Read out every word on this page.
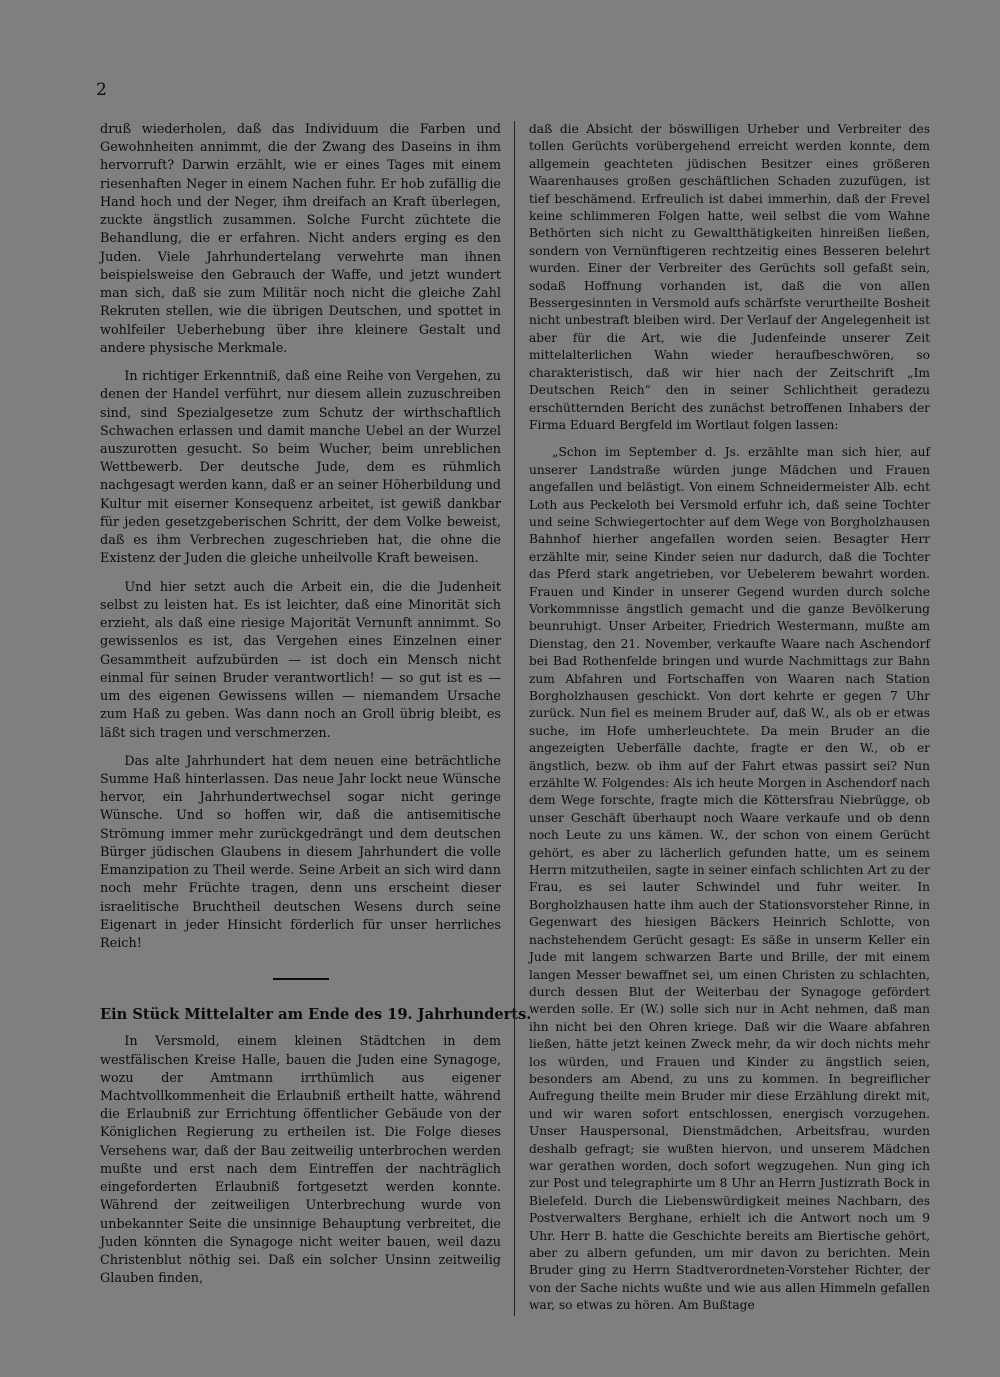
2

druß wiederholen, daß das Individuum die Farben und Gewohnheiten annimmt, die der Zwang des Daseins in ihm hervorruft? Darwin erzählt, wie er eines Tages mit einem riesenhaften Neger in einem Nachen fuhr. Er hob zufällig die Hand hoch und der Neger, ihm dreifach an Kraft überlegen, zuckte ängstlich zusammen. Solche Furcht züchtete die Behandlung, die er erfahren. Nicht anders erging es den Juden. Viele Jahrhundertelang verwehrte man ihnen beispielsweise den Gebrauch der Waffe, und jetzt wundert man sich, daß sie zum Militär noch nicht die gleiche Zahl Rekruten stellen, wie die übrigen Deutschen, und spottet in wohlfeiler Ueberhebung über ihre kleinere Gestalt und andere physische Merkmale.

In richtiger Erkenntniß, daß eine Reihe von Vergehen, zu denen der Handel verführt, nur diesem allein zuzuschreiben sind, sind Spezialgesetze zum Schutz der wirthschaftlich Schwachen erlassen und damit manche Uebel an der Wurzel auszurotten gesucht. So beim Wucher, beim unreblichen Wettbewerb. Der deutsche Jude, dem es rühmlich nachgesagt werden kann, daß er an seiner Höherbildung und Kultur mit eiserner Konsequenz arbeitet, ist gewiß dankbar für jeden gesetzgeberischen Schritt, der dem Volke beweist, daß es ihm Verbrechen zugeschrieben hat, die ohne die Existenz der Juden die gleiche unheilvolle Kraft beweisen.

Und hier setzt auch die Arbeit ein, die die Judenheit selbst zu leisten hat. Es ist leichter, daß eine Minorität sich erzieht, als daß eine riesige Majorität Vernunft annimmt. So gewissenlos es ist, das Vergehen eines Einzelnen einer Gesammtheit aufzubürden — ist doch ein Mensch nicht einmal für seinen Bruder verantwortlich! — so gut ist es — um des eigenen Gewissens willen — niemandem Ursache zum Haß zu geben. Was dann noch an Groll übrig bleibt, es läßt sich tragen und verschmerzen.

Das alte Jahrhundert hat dem neuen eine beträchtliche Summe Haß hinterlassen. Das neue Jahr lockt neue Wünsche hervor, ein Jahrhundertwechsel sogar nicht geringe Wünsche. Und so hoffen wir, daß die antisemitische Strömung immer mehr zurückgedrängt und dem deutschen Bürger jüdischen Glaubens in diesem Jahrhundert die volle Emanzipation zu Theil werde. Seine Arbeit an sich wird dann noch mehr Früchte tragen, denn uns erscheint dieser israelitische Bruchtheil deutschen Wesens durch seine Eigenart in jeder Hinsicht förderlich für unser herrliches Reich!

Ein Stück Mittelalter am Ende des 19. Jahrhunderts.

In Versmold, einem kleinen Städtchen in dem westfälischen Kreise Halle, bauen die Juden eine Synagoge, wozu der Amtmann irrthümlich aus eigener Machtvollkommenheit die Erlaubniß ertheilt hatte, während die Erlaubniß zur Errichtung öffentlicher Gebäude von der Königlichen Regierung zu ertheilen ist. Die Folge dieses Versehens war, daß der Bau zeitweilig unterbrochen werden mußte und erst nach dem Eintreffen der nachträglich eingeforderten Erlaubniß fortgesetzt werden konnte. Während der zeitweiligen Unterbrechung wurde von unbekannter Seite die unsinnige Behauptung verbreitet, die Juden könnten die Synagoge nicht weiter bauen, weil dazu Christenblut nöthig sei. Daß ein solcher Unsinn zeitweilig Glauben finden,

daß die Absicht der böswilligen Urheber und Verbreiter des tollen Gerüchts vorübergehend erreicht werden konnte, dem allgemein geachteten jüdischen Besitzer eines größeren Waarenhauses großen geschäftlichen Schaden zuzufügen, ist tief beschämend. Erfreulich ist dabei immerhin, daß der Frevel keine schlimmeren Folgen hatte, weil selbst die vom Wahne Bethörten sich nicht zu Gewaltthätigkeiten hinreißen ließen, sondern von Vernünftigeren rechtzeitig eines Besseren belehrt wurden. Einer der Verbreiter des Gerüchts soll gefaßt sein, sodaß Hoffnung vorhanden ist, daß die von allen Bessergesinnten in Versmold aufs schärfste verurtheilte Bosheit nicht unbestraft bleiben wird. Der Verlauf der Angelegenheit ist aber für die Art, wie die Judenfeinde unserer Zeit mittelalterlichen Wahn wieder heraufbeschwören, so charakteristisch, daß wir hier nach der Zeitschrift „Im Deutschen Reich“ den in seiner Schlichtheit geradezu erschütternden Bericht des zunächst betroffenen Inhabers der Firma Eduard Bergfeld im Wortlaut folgen lassen:

„Schon im September d. Js. erzählte man sich hier, auf unserer Landstraße würden junge Mädchen und Frauen angefallen und belästigt. Von einem Schneidermeister Alb. echt Loth aus Peckeloth bei Versmold erfuhr ich, daß seine Tochter und seine Schwiegertochter auf dem Wege von Borgholzhausen Bahnhof hierher angefallen worden seien. Besagter Herr erzählte mir, seine Kinder seien nur dadurch, daß die Tochter das Pferd stark angetrieben, vor Uebelerem bewahrt worden. Frauen und Kinder in unserer Gegend wurden durch solche Vorkommnisse ängstlich gemacht und die ganze Bevölkerung beunruhigt. Unser Arbeiter, Friedrich Westermann, mußte am Dienstag, den 21. November, verkaufte Waare nach Aschendorf bei Bad Rothenfelde bringen und wurde Nachmittags zur Bahn zum Abfahren und Fortschaffen von Waaren nach Station Borgholzhausen geschickt. Von dort kehrte er gegen 7 Uhr zurück. Nun fiel es meinem Bruder auf, daß W., als ob er etwas suche, im Hofe umherleuchtete. Da mein Bruder an die angezeigten Ueberfälle dachte, fragte er den W., ob er ängstlich, bezw. ob ihm auf der Fahrt etwas passirt sei? Nun erzählte W. Folgendes: Als ich heute Morgen in Aschendorf nach dem Wege forschte, fragte mich die Köttersfrau Niebrügge, ob unser Geschäft überhaupt noch Waare verkaufe und ob denn noch Leute zu uns kämen. W., der schon von einem Gerücht gehört, es aber zu lächerlich gefunden hatte, um es seinem Herrn mitzutheilen, sagte in seiner einfach schlichten Art zu der Frau, es sei lauter Schwindel und fuhr weiter. In Borgholzhausen hatte ihm auch der Stationsvorsteher Rinne, in Gegenwart des hiesigen Bäckers Heinrich Schlotte, von nachstehendem Gerücht gesagt: Es säße in unserm Keller ein Jude mit langem schwarzen Barte und Brille, der mit einem langen Messer bewaffnet sei, um einen Christen zu schlachten, durch dessen Blut der Weiterbau der Synagoge gefördert werden solle. Er (W.) solle sich nur in Acht nehmen, daß man ihn nicht bei den Ohren kriege. Daß wir die Waare abfahren ließen, hätte jetzt keinen Zweck mehr, da wir doch nichts mehr los würden, und Frauen und Kinder zu ängstlich seien, besonders am Abend, zu uns zu kommen. In begreiflicher Aufregung theilte mein Bruder mir diese Erzählung direkt mit, und wir waren sofort entschlossen, energisch vorzugehen. Unser Hauspersonal, Dienstmädchen, Arbeitsfrau, wurden deshalb gefragt; sie wußten hiervon, und unserem Mädchen war gerathen worden, doch sofort wegzugehen. Nun ging ich zur Post und telegraphirte um 8 Uhr an Herrn Justizrath Bock in Bielefeld. Durch die Liebenswürdigkeit meines Nachbarn, des Postverwalters Berghane, erhielt ich die Antwort noch um 9 Uhr. Herr B. hatte die Geschichte bereits am Biertische gehört, aber zu albern gefunden, um mir davon zu berichten. Mein Bruder ging zu Herrn Stadtverordneten-Vorsteher Richter, der von der Sache nichts wußte und wie aus allen Himmeln gefallen war, so etwas zu hören. Am Bußtage
